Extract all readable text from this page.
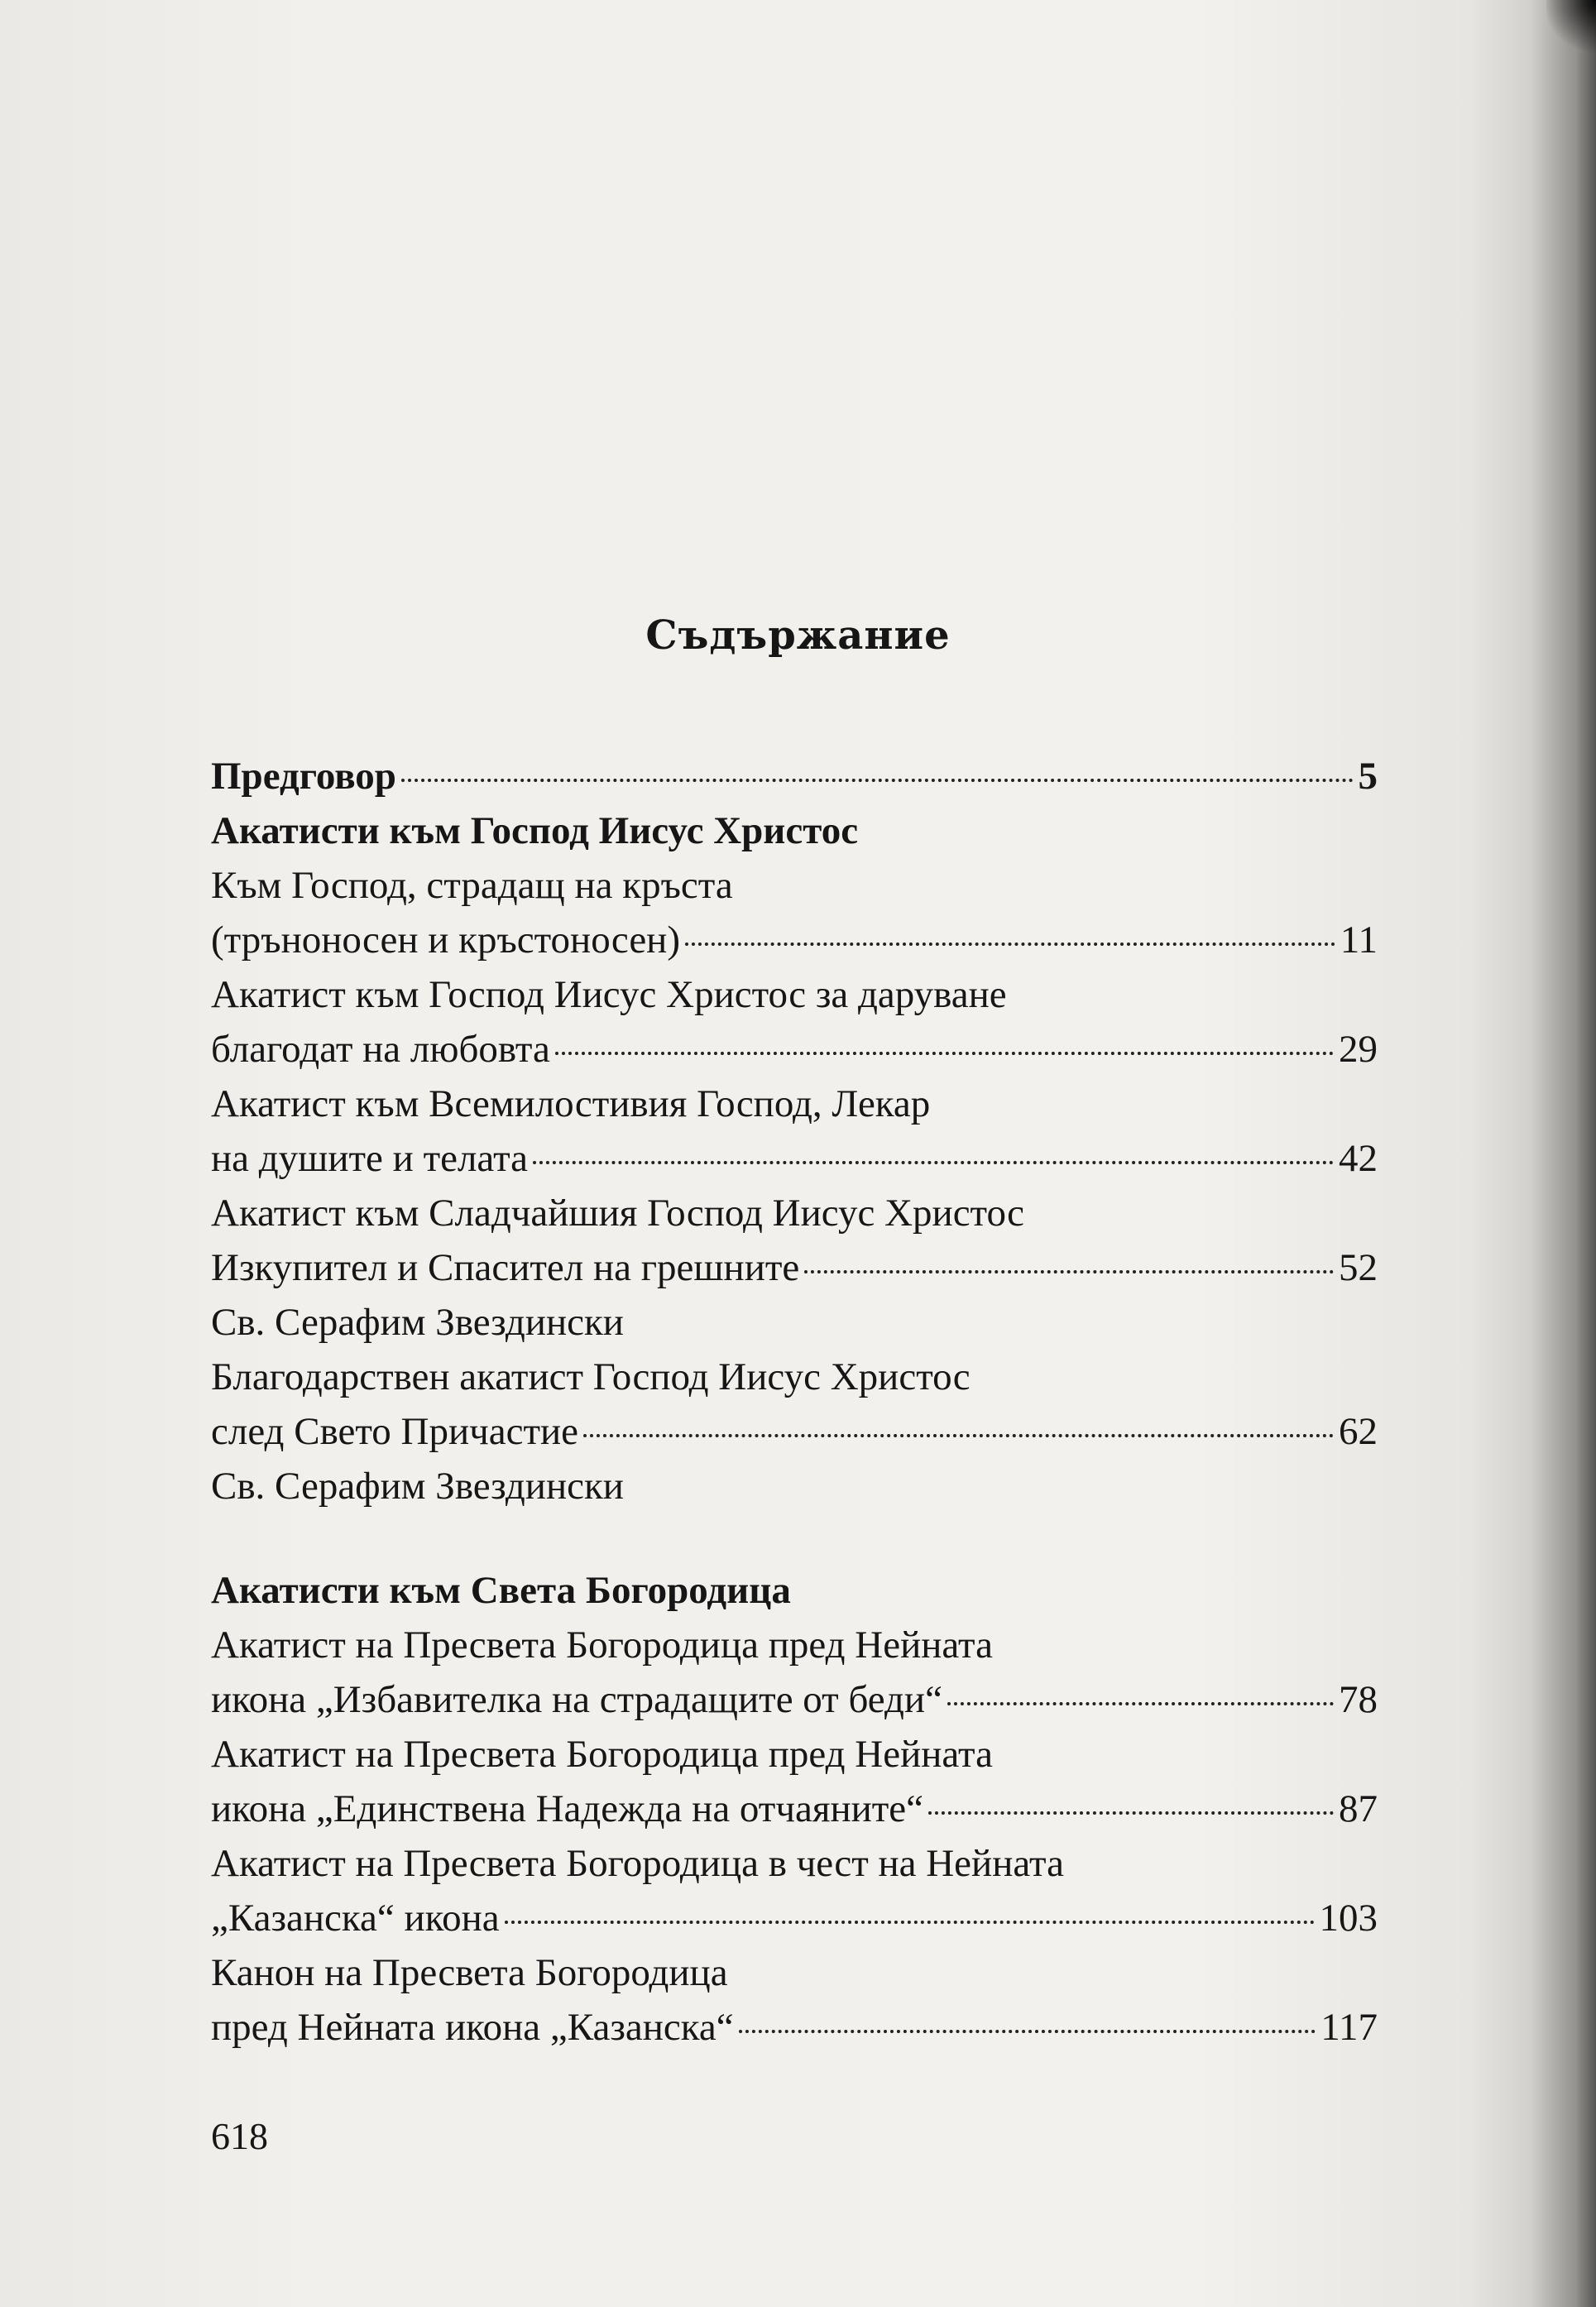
Съдържание
Предговор	5
Акатисти към Господ Иисус Христос
Към Господ, страдащ на кръста
(тръноносен и кръстоносен)	11
Акатист към Господ Иисус Христос за даруване
благодат на любовта	29
Акатист към Всемилостивия Господ, Лекар
на душите и телата	42
Акатист към Сладчайшия Господ Иисус Христос
Изкупител и Спасител на грешните	52
Св. Серафим Звездински
Благодарствен акатист Господ Иисус Христос
след Свето Причастие	62
Св. Серафим Звездински
Акатисти към Света Богородица
Акатист на Пресвета Богородица пред Нейната
икона „Избавителка на страдащите от беди“	78
Акатист на Пресвета Богородица пред Нейната
икона „Единствена Надежда на отчаяните“	87
Акатист на Пресвета Богородица в чест на Нейната
„Казанска“ икона	103
Канон на Пресвета Богородица
пред Нейната икона „Казанска“	117
618
